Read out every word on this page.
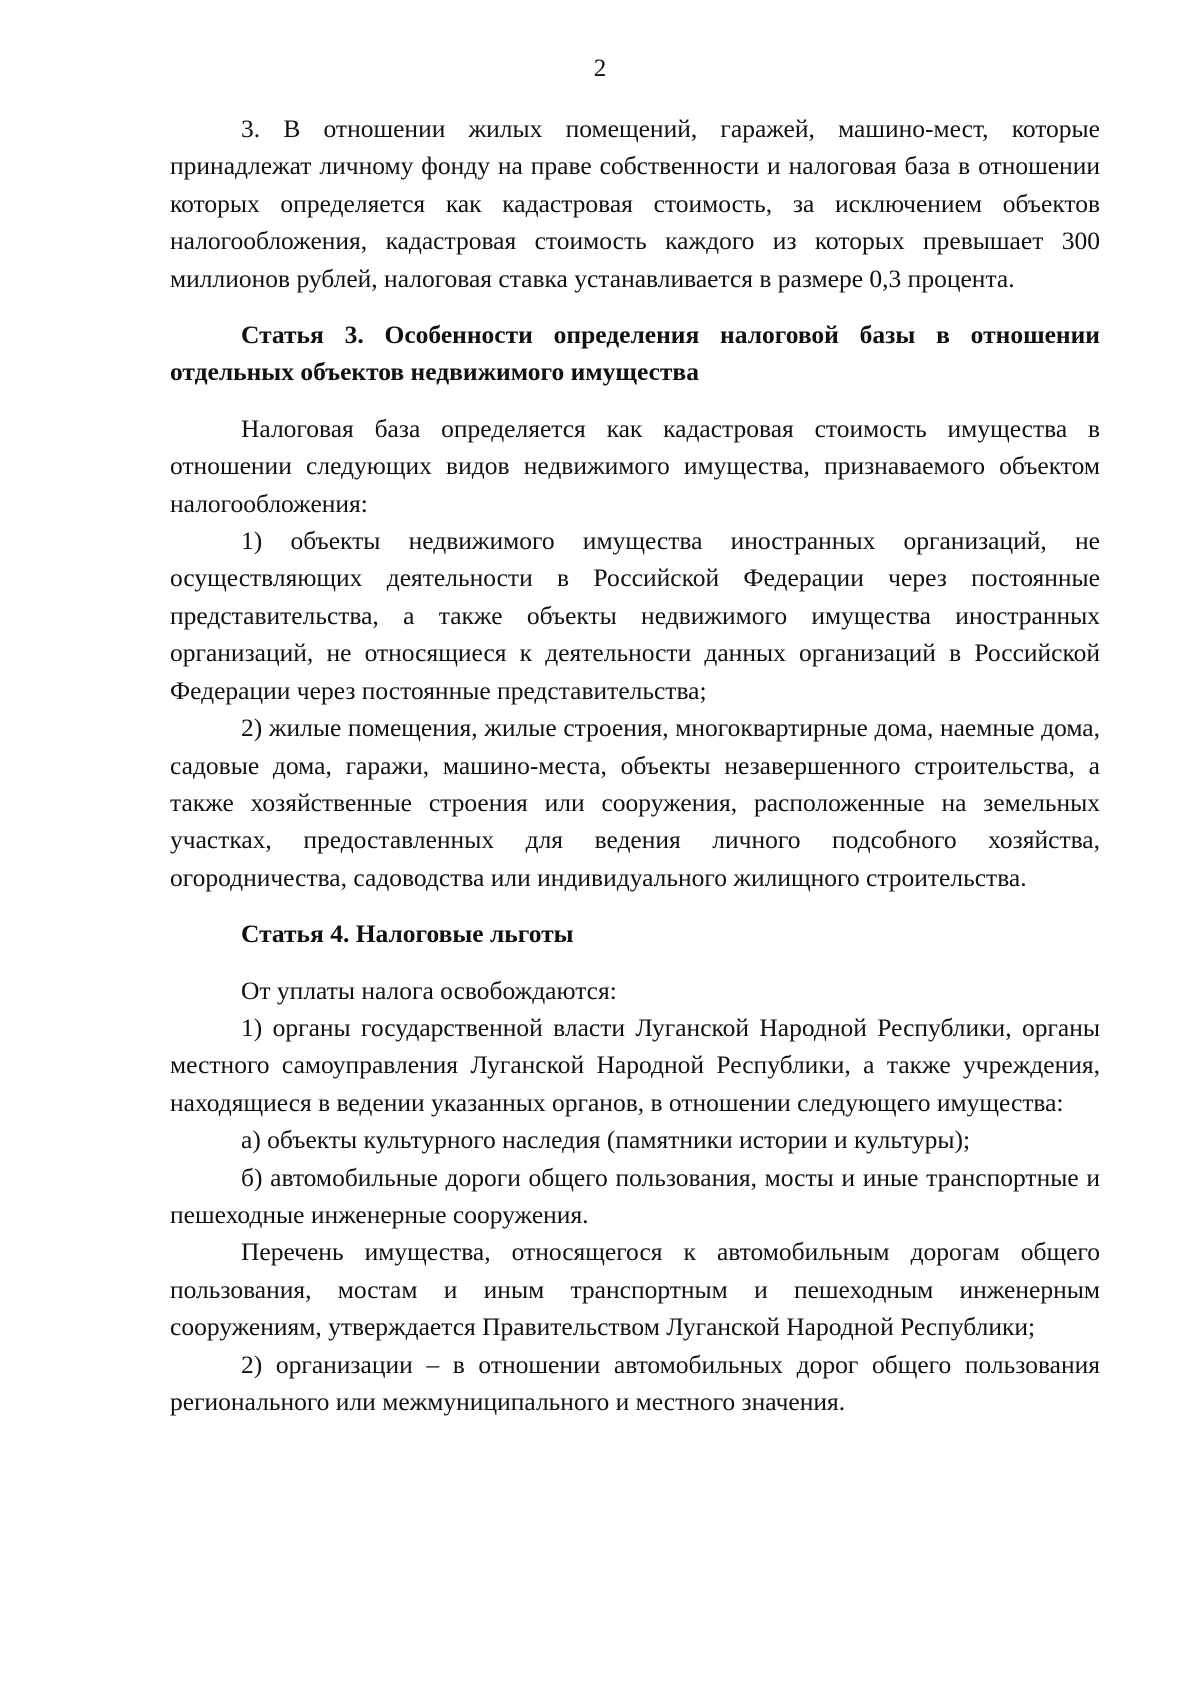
2

3. В отношении жилых помещений, гаражей, машино-мест, которые принадлежат личному фонду на праве собственности и налоговая база в отношении которых определяется как кадастровая стоимость, за исключением объектов налогообложения, кадастровая стоимость каждого из которых превышает 300 миллионов рублей, налоговая ставка устанавливается в размере 0,3 процента.

Статья 3. Особенности определения налоговой базы в отношении отдельных объектов недвижимого имущества

Налоговая база определяется как кадастровая стоимость имущества в отношении следующих видов недвижимого имущества, признаваемого объектом налогообложения:

1) объекты недвижимого имущества иностранных организаций, не осуществляющих деятельности в Российской Федерации через постоянные представительства, а также объекты недвижимого имущества иностранных организаций, не относящиеся к деятельности данных организаций в Российской Федерации через постоянные представительства;

2) жилые помещения, жилые строения, многоквартирные дома, наемные дома, садовые дома, гаражи, машино-места, объекты незавершенного строительства, а также хозяйственные строения или сооружения, расположенные на земельных участках, предоставленных для ведения личного подсобного хозяйства, огородничества, садоводства или индивидуального жилищного строительства.

Статья 4. Налоговые льготы

От уплаты налога освобождаются:

1) органы государственной власти Луганской Народной Республики, органы местного самоуправления Луганской Народной Республики, а также учреждения, находящиеся в ведении указанных органов, в отношении следующего имущества:

а) объекты культурного наследия (памятники истории и культуры);

б) автомобильные дороги общего пользования, мосты и иные транспортные и пешеходные инженерные сооружения.

Перечень имущества, относящегося к автомобильным дорогам общего пользования, мостам и иным транспортным и пешеходным инженерным сооружениям, утверждается Правительством Луганской Народной Республики;

2) организации – в отношении автомобильных дорог общего пользования регионального или межмуниципального и местного значения.
